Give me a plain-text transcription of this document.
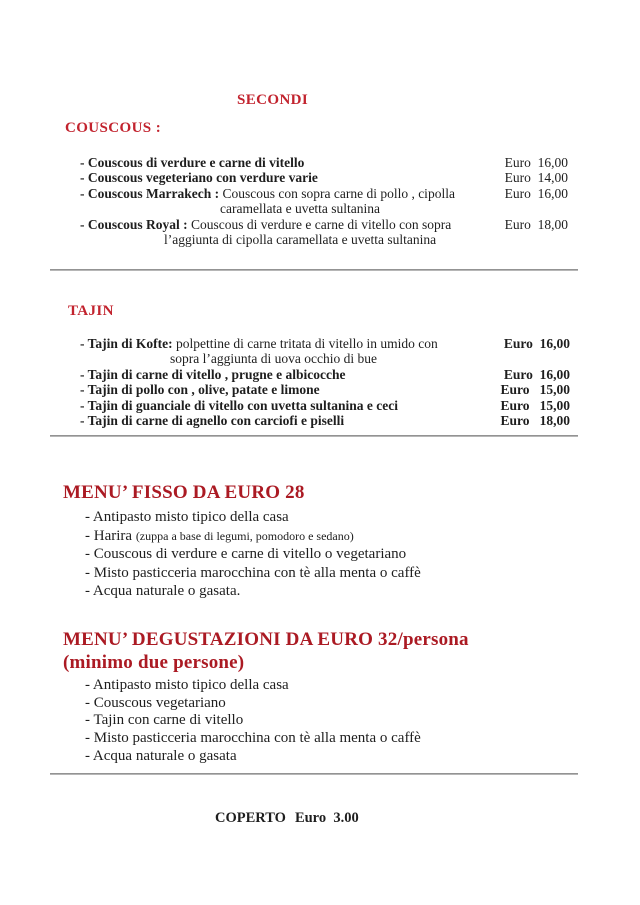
SECONDI
COUSCOUS :
- Couscous di verdure e carne di vitello	Euro  16,00
- Couscous vegeteriano con verdure varie	Euro  14,00
- Couscous Marrakech : Couscous con sopra carne di pollo , cipolla	Euro  16,00
caramellata e uvetta sultanina
- Couscous Royal : Couscous di verdure e carne di vitello con sopra	Euro  18,00
l’aggiunta di cipolla caramellata e uvetta sultanina
TAJIN
- Tajin di Kofte: polpettine di carne tritata di vitello in umido con	Euro  16,00
sopra l’aggiunta di uova occhio di bue
- Tajin di carne di vitello , prugne e albicocche	Euro  16,00
- Tajin di pollo con , olive, patate e limone	Euro   15,00
- Tajin di guanciale di vitello con uvetta sultanina e ceci	Euro   15,00
- Tajin di carne di agnello con carciofi e piselli	Euro   18,00
MENU’ FISSO DA EURO 28
- Antipasto misto tipico della casa
- Harira (zuppa a base di legumi, pomodoro e sedano)
- Couscous di verdure e carne di vitello o vegetariano
- Misto pasticceria marocchina con tè alla menta o caffè
- Acqua naturale o gasata.
MENU’ DEGUSTAZIONI DA EURO 32/persona
(minimo due persone)
- Antipasto misto tipico della casa
- Couscous vegetariano
- Tajin con carne di vitello
- Misto pasticceria marocchina con tè alla menta o caffè
- Acqua naturale o gasata
COPERTO Euro  3.00
